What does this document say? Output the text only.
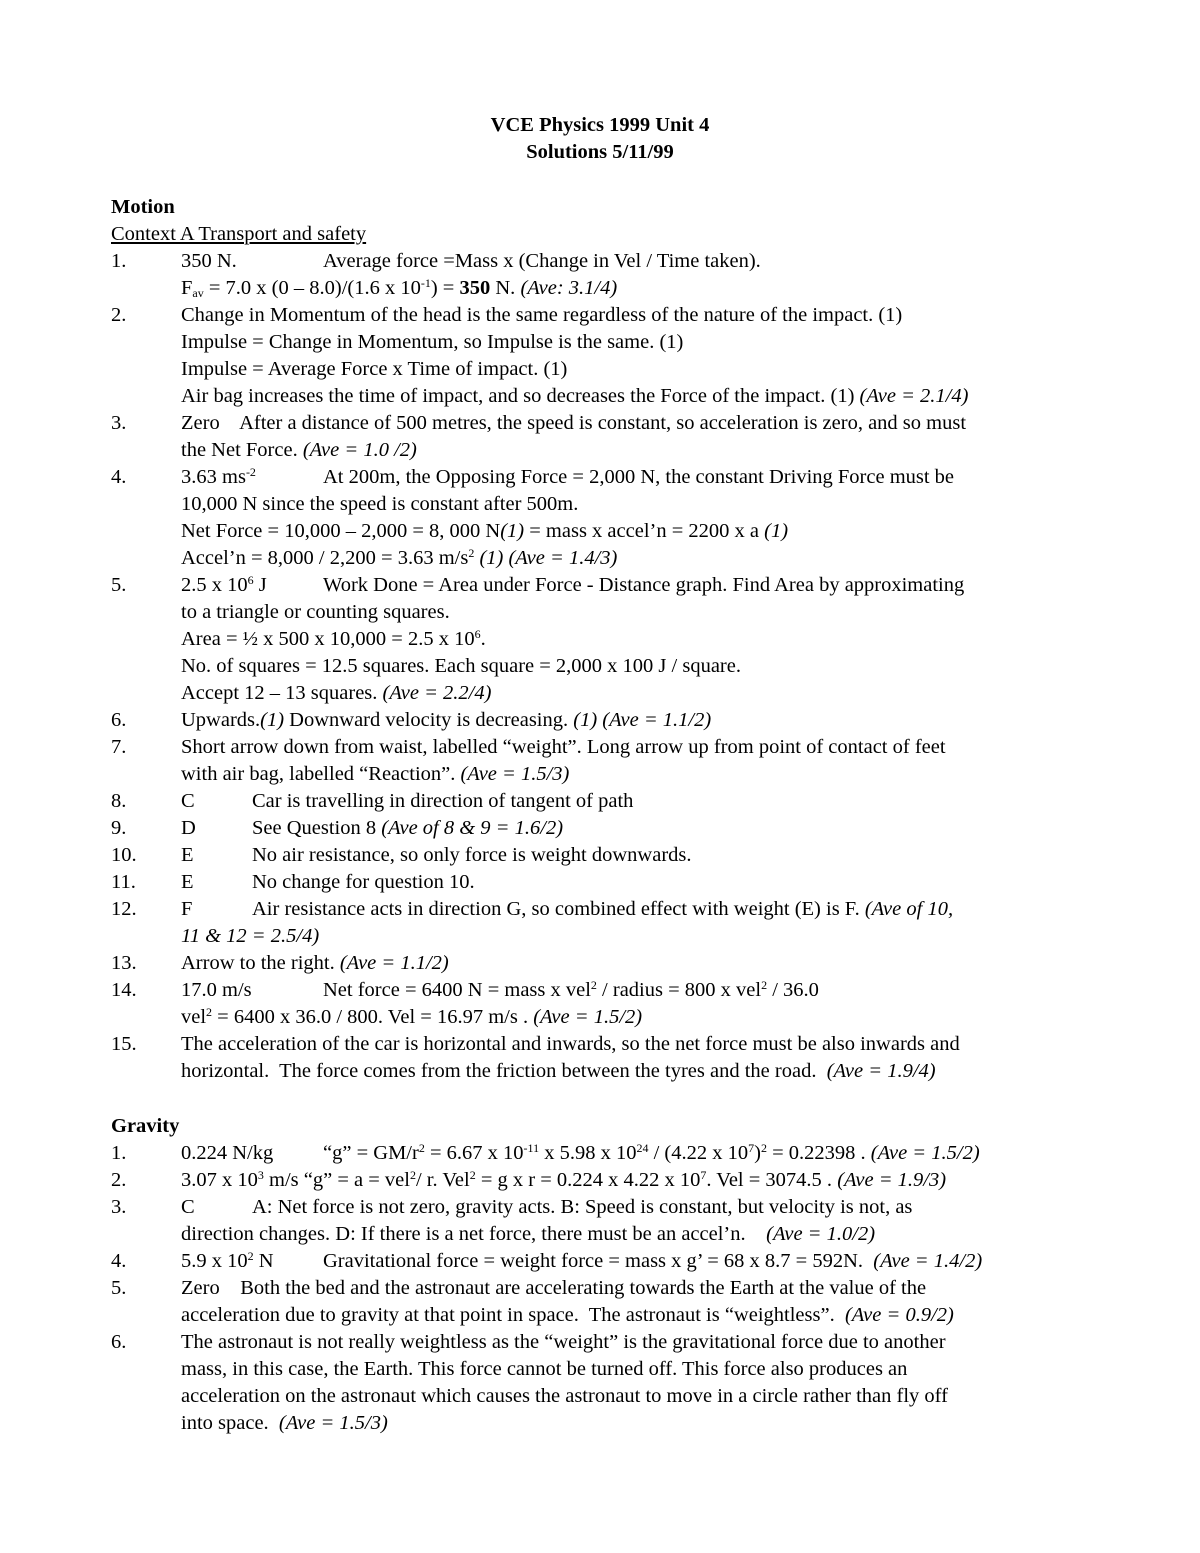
VCE Physics 1999 Unit 4
Solutions 5/11/99
Motion
Context A Transport and safety
1.	350 N.	Average force =Mass x (Change in Vel / Time taken).
$F_{av} = 7.0$ x (0 – 8.0)/(1.6 x $10^{-1}) = 350$ N. (Ave: 3.1/4)
2.	Change in Momentum of the head is the same regardless of the nature of the impact. (1)
Impulse = Change in Momentum, so Impulse is the same. (1)
Impulse = Average Force x Time of impact. (1)
Air bag increases the time of impact, and so decreases the Force of the impact. (1) (Ave = 2.1/4)
3.	Zero    After a distance of 500 metres, the speed is constant, so acceleration is zero, and so must
the Net Force. (Ave = 1.0 /2)
4.	3.63 $ms^{-2}$	At 200m, the Opposing Force = 2,000 N, the constant Driving Force must be
10,000 N since the speed is constant after 500m.
Net Force = 10,000 – 2,000 = 8, 000 N(1) = mass x accel’n = 2200 x a (1)
Accel’n = 8,000 / 2,200 = 3.63 $m/s^2$ (1) (Ave = 1.4/3)
5.	2.5 x $10^6$ J	Work Done = Area under Force - Distance graph. Find Area by approximating
to a triangle or counting squares.
Area = ½ x 500 x 10,000 = 2.5 x $10^6$.
No. of squares = 12.5 squares. Each square = 2,000 x 100 J / square.
Accept 12 – 13 squares. (Ave = 2.2/4)
6.	Upwards.(1) Downward velocity is decreasing. (1) (Ave = 1.1/2)
7.	Short arrow down from waist, labelled “weight”. Long arrow up from point of contact of feet
with air bag, labelled “Reaction”. (Ave = 1.5/3)
8.	C	Car is travelling in direction of tangent of path
9.	D	See Question 8 (Ave of 8 & 9 = 1.6/2)
10. E	No air resistance, so only force is weight downwards.
11. E	No change for question 10.
12. F	Air resistance acts in direction G, so combined effect with weight (E) is F. (Ave of 10,
11 & 12 = 2.5/4)
13. Arrow to the right. (Ave = 1.1/2)
14. 17.0 m/s	Net force = 6400 N = mass x vel$^2$ / radius = 800 x vel$^2$ / 36.0
vel$^2$ = 6400 x 36.0 / 800. Vel = 16.97 m/s . (Ave = 1.5/2)
15. The acceleration of the car is horizontal and inwards, so the net force must be also inwards and
horizontal.  The force comes from the friction between the tyres and the road.  (Ave = 1.9/4)
Gravity
1.	0.224 N/kg “g” = $GM/r^2 = 6.67$ x $10^{-11}$ x 5.98 x $10^{24} / (4.22$ x $10^7)^2 = 0.22398$ . (Ave = 1.5/2)
2.	3.07 x $10^3$ m/s “g” = a = vel$^2$/ r. Vel$^2$ = g x r = 0.224 x 4.22 x $10^7$. Vel = 3074.5 . (Ave = 1.9/3)
3.	C	A: Net force is not zero, gravity acts. B: Speed is constant, but velocity is not, as
direction changes. D: If there is a net force, there must be an accel’n.    (Ave = 1.0/2)
4.	5.9 x $10^2$ N Gravitational force = weight force = mass x g’ = 68 x 8.7 = 592N.  (Ave = 1.4/2)
5.	Zero    Both the bed and the astronaut are accelerating towards the Earth at the value of the
acceleration due to gravity at that point in space.  The astronaut is “weightless”.  (Ave = 0.9/2)
6.	The astronaut is not really weightless as the “weight” is the gravitational force due to another
mass, in this case, the Earth. This force cannot be turned off. This force also produces an
acceleration on the astronaut which causes the astronaut to move in a circle rather than fly off
into space.  (Ave = 1.5/3)
